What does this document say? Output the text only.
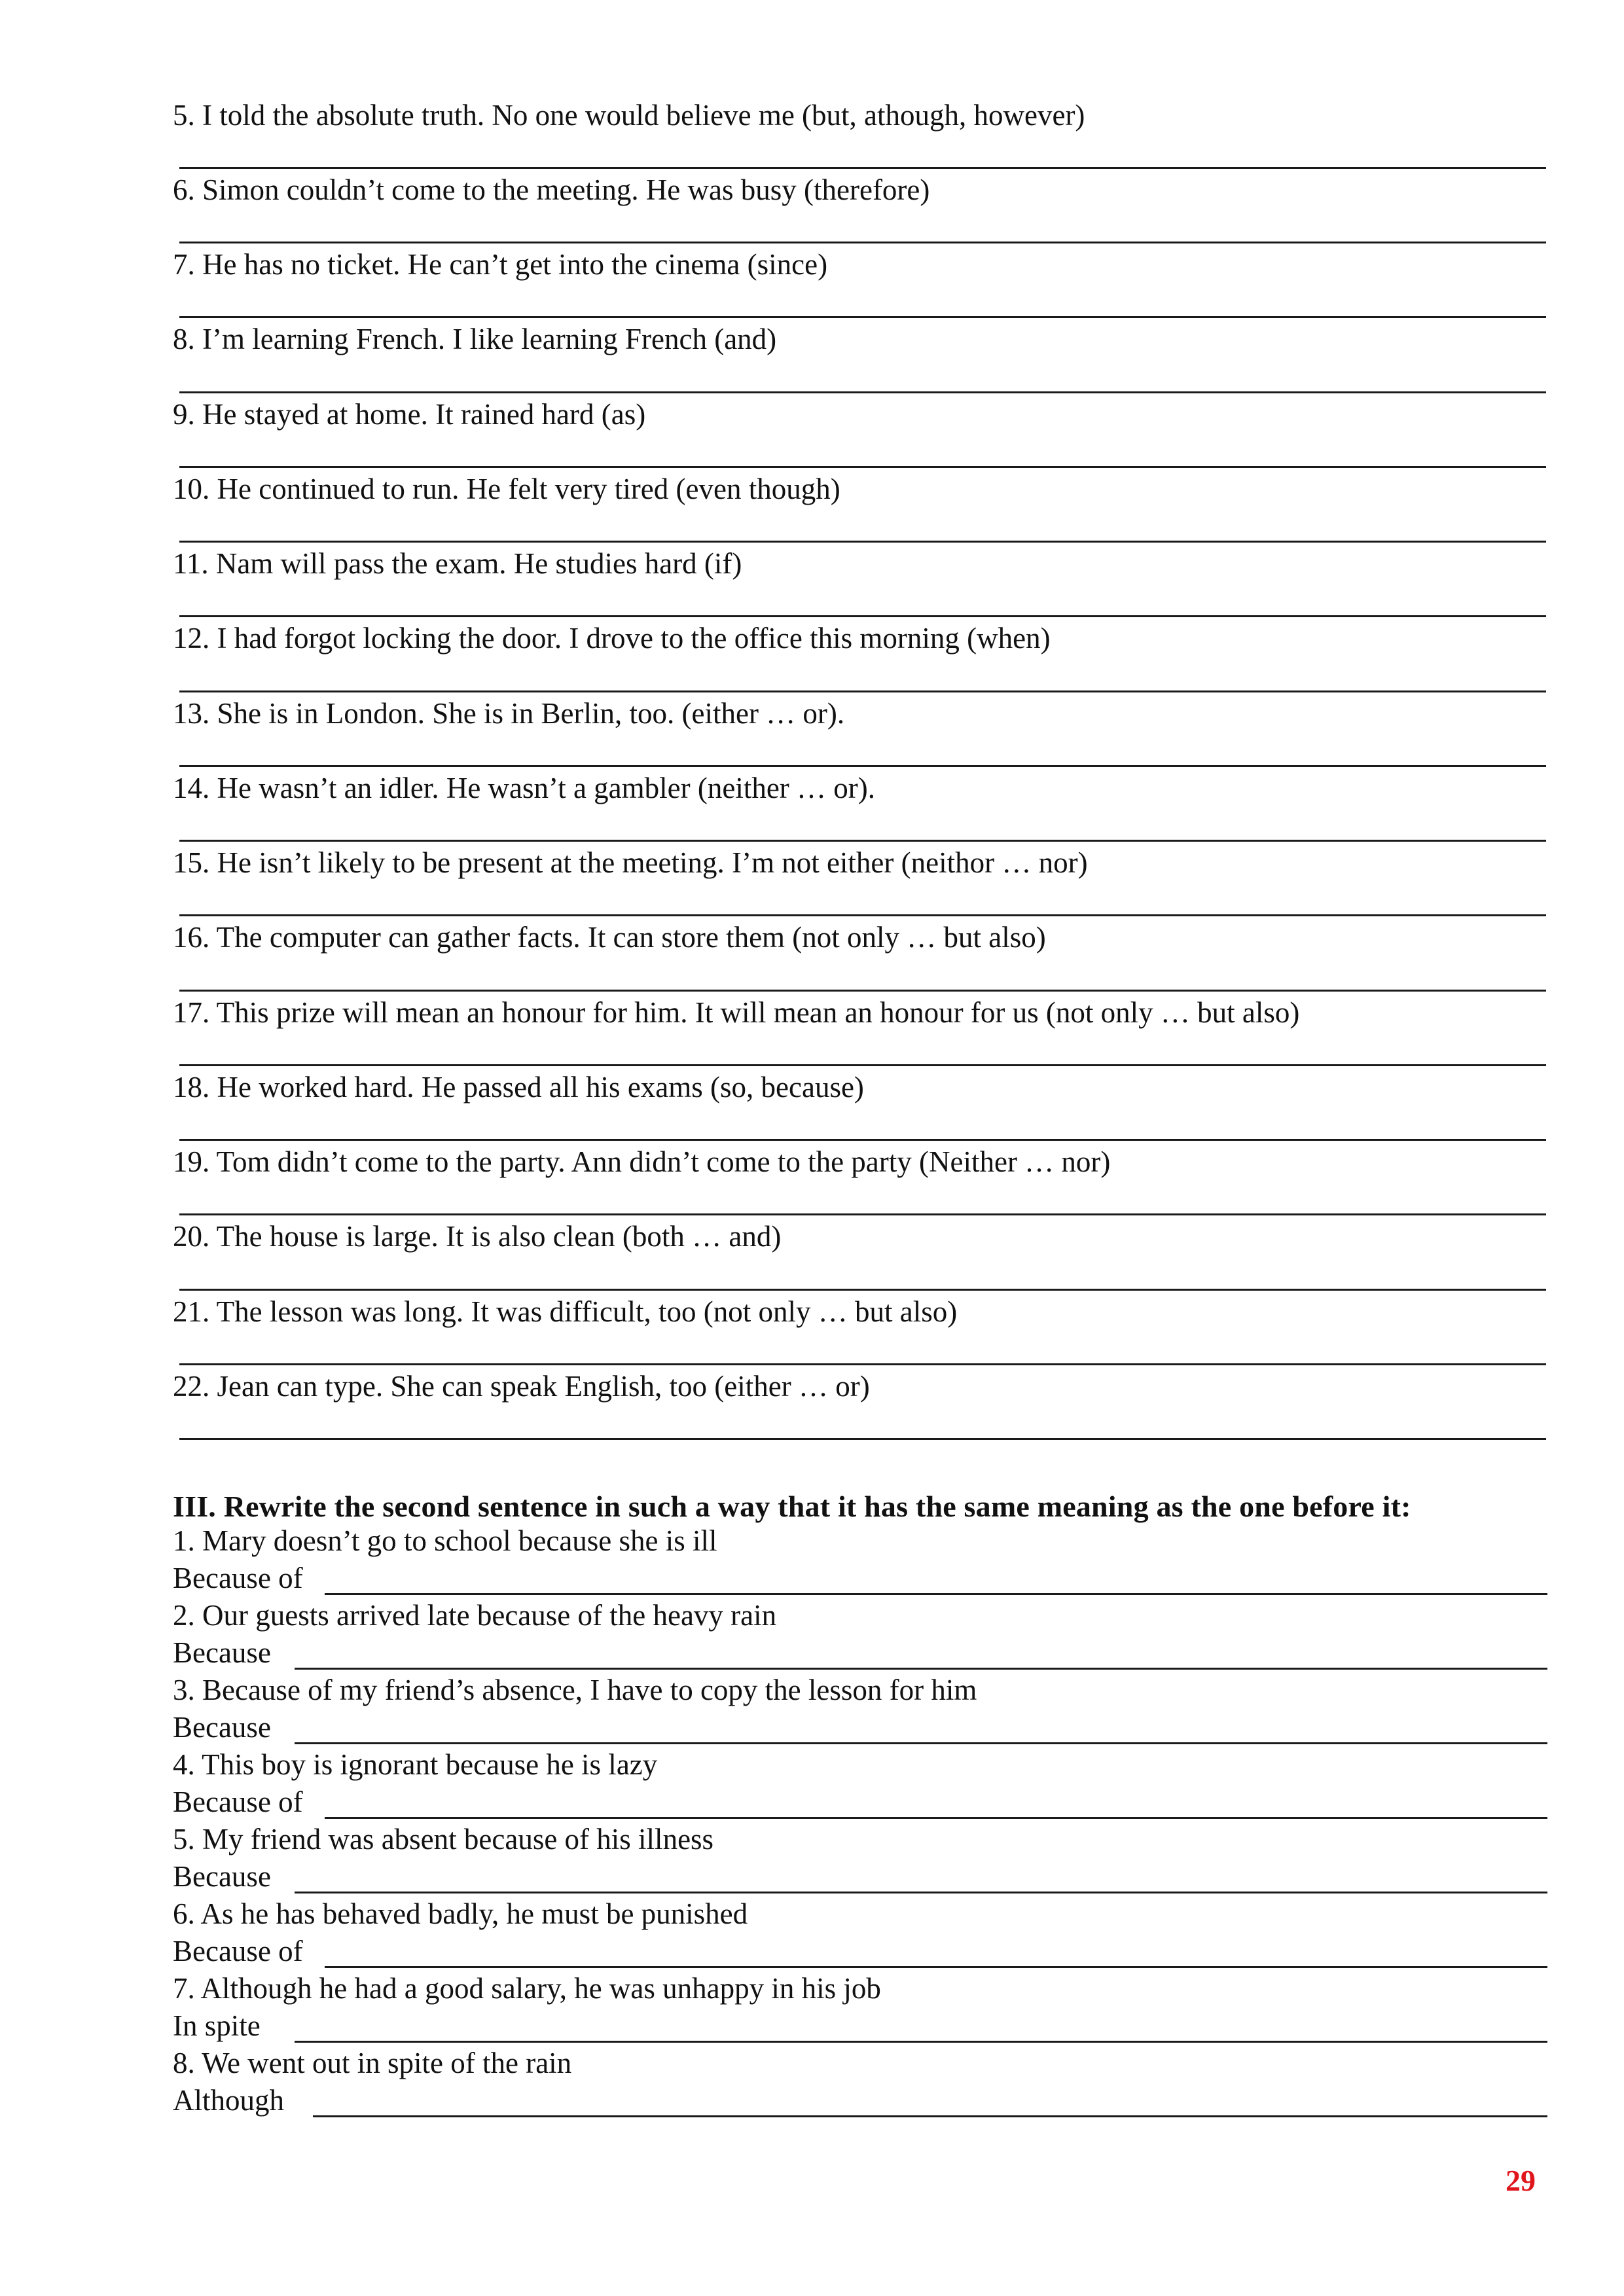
5. I told the absolute truth. No one would believe me (but, athough, however)
6. Simon couldn’t come to the meeting. He was busy (therefore)
7. He has no ticket. He can’t get into the cinema (since)
8. I’m learning French. I like learning French (and)
9. He stayed at home. It rained hard (as)
10. He continued to run. He felt very tired (even though)
11. Nam will pass the exam. He studies hard (if)
12. I had forgot locking the door. I drove to the office this morning (when)
13. She is in London. She is in Berlin, too. (either … or).
14. He wasn’t an idler. He wasn’t a gambler (neither … or).
15. He isn’t likely to be present at the meeting. I’m not either (neithor … nor)
16. The computer can gather facts. It can store them (not only … but also)
17. This prize will mean an honour for him. It will mean an honour for us (not only … but also)
18. He worked hard. He passed all his exams (so, because)
19. Tom didn’t come to the party. Ann didn’t come to the party (Neither … nor)
20. The house is large. It is also clean (both … and)
21. The lesson was long. It was difficult, too (not only … but also)
22. Jean can type. She can speak English, too (either … or)
III. Rewrite the second sentence in such a way that it has the same meaning as the one before it:
1. Mary doesn’t go to school because she is ill
Because of
2. Our guests arrived late because of the heavy rain
Because
3. Because of my friend’s absence, I have to copy the lesson for him
Because
4. This boy is ignorant because he is lazy
Because of
5. My friend was absent because of his illness
Because
6. As he has behaved badly, he must be punished
Because of
7. Although he had a good salary, he was unhappy in his job
In spite
8. We went out in spite of the rain
Although
29
